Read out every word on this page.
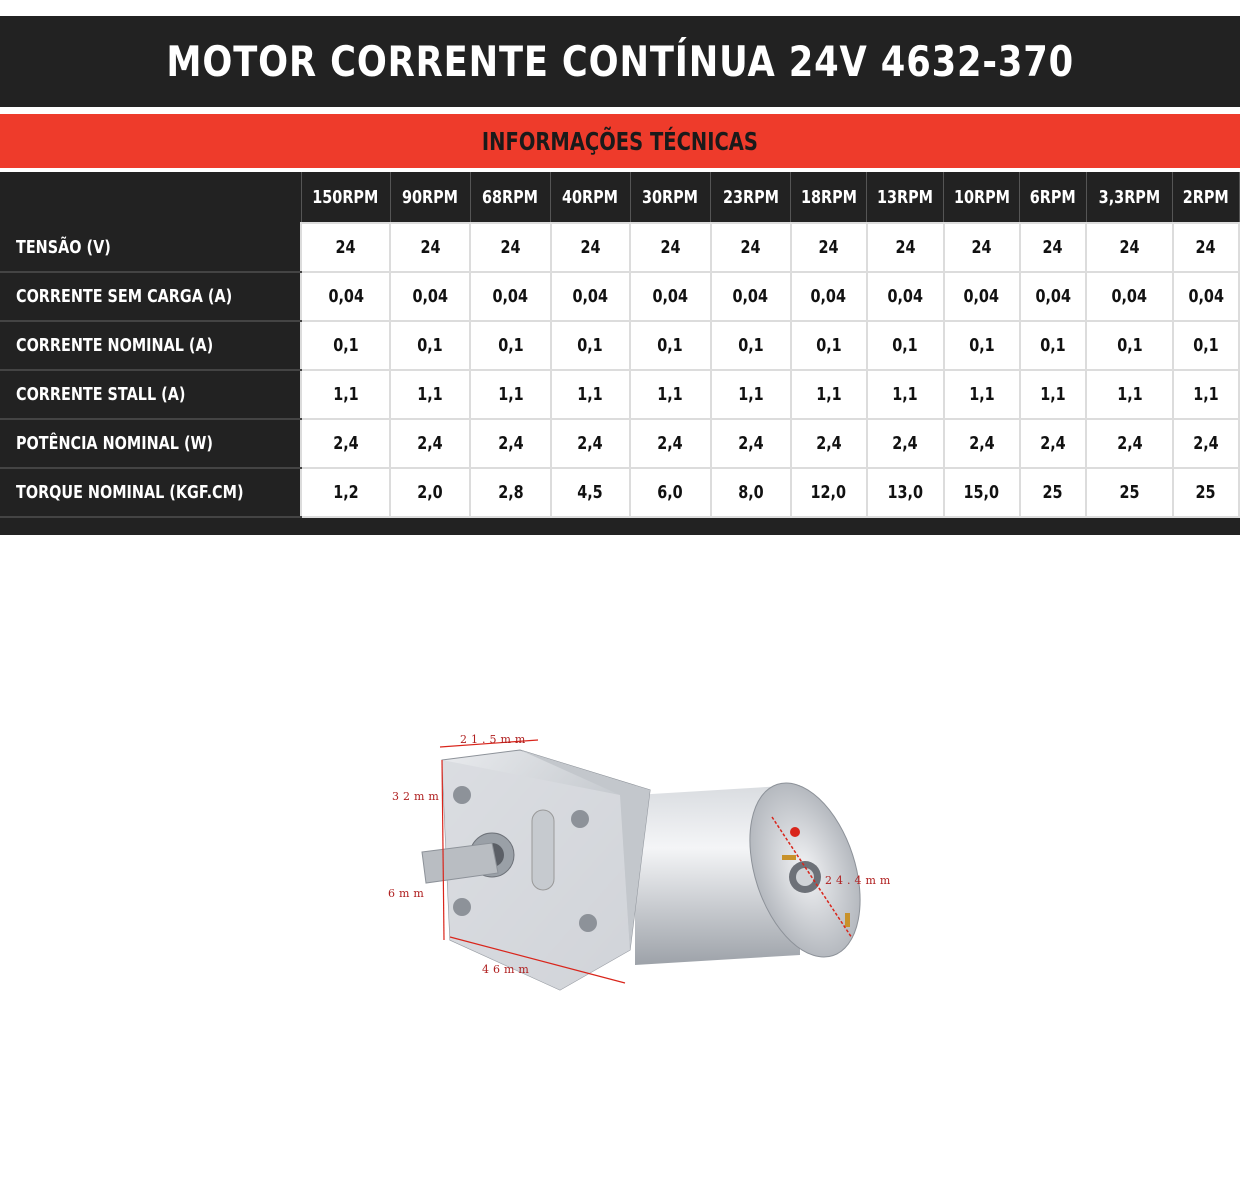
MOTOR CORRENTE CONTÍNUA 24V 4632-370
INFORMAÇÕES TÉCNICAS
	150RPM	90RPM	68RPM	40RPM	30RPM	23RPM	18RPM	13RPM	10RPM	6RPM	3,3RPM	2RPM
TENSÃO (V)	24	24	24	24	24	24	24	24	24	24	24	24
CORRENTE SEM CARGA (A)	0,04	0,04	0,04	0,04	0,04	0,04	0,04	0,04	0,04	0,04	0,04	0,04
CORRENTE NOMINAL (A)	0,1	0,1	0,1	0,1	0,1	0,1	0,1	0,1	0,1	0,1	0,1	0,1
CORRENTE STALL (A)	1,1	1,1	1,1	1,1	1,1	1,1	1,1	1,1	1,1	1,1	1,1	1,1
POTÊNCIA NOMINAL (W)	2,4	2,4	2,4	2,4	2,4	2,4	2,4	2,4	2,4	2,4	2,4	2,4
TORQUE NOMINAL (KGF.CM)	1,2	2,0	2,8	4,5	6,0	8,0	12,0	13,0	15,0	25	25	25
21.5mm
32mm
6mm
46mm
24.4mm
